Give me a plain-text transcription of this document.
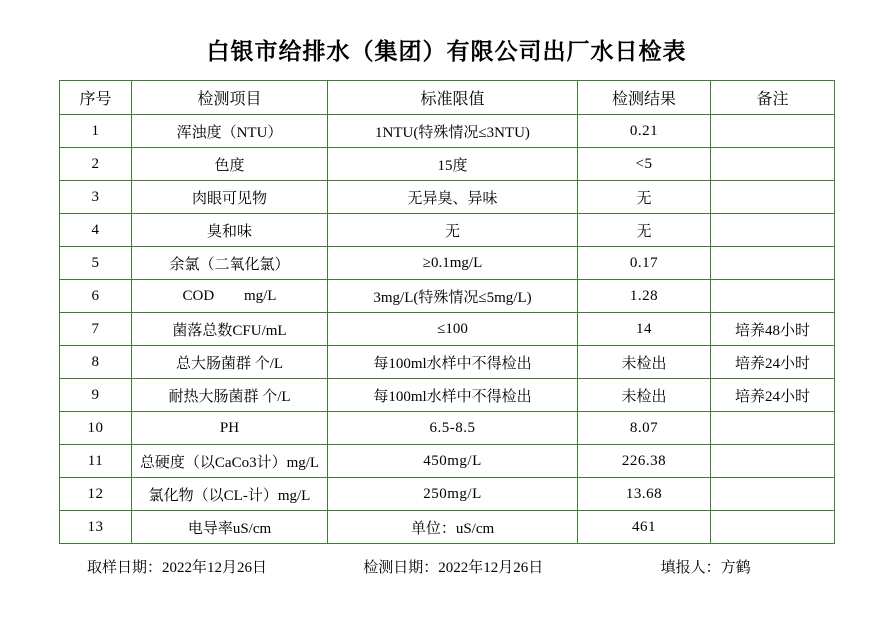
白银市给排水（集团）有限公司出厂水日检表
序号	检测项目	标准限值	检测结果	备注
1	浑浊度（NTU）	1NTU(特殊情况≤3NTU)	0.21	
2	色度	15度	<5	
3	肉眼可见物	无异臭、异味	无	
4	臭和味	无	无	
5	余氯（二氧化氯）	≥0.1mg/L	0.17	
6	COD mg/L	3mg/L(特殊情况≤5mg/L)	1.28	
7	菌落总数CFU/mL	≤100	14	培养48小时
8	总大肠菌群 个/L	每100ml水样中不得检出	未检出	培养24小时
9	耐热大肠菌群 个/L	每100ml水样中不得检出	未检出	培养24小时
10	PH	6.5-8.5	8.07	
11	总硬度（以CaCo3计）mg/L	450mg/L	226.38	
12	氯化物（以CL-计）mg/L	250mg/L	13.68	
13	电导率uS/cm	单位：uS/cm	461	
取样日期：2022年12月26日	检测日期：2022年12月26日	填报人：方鹤
